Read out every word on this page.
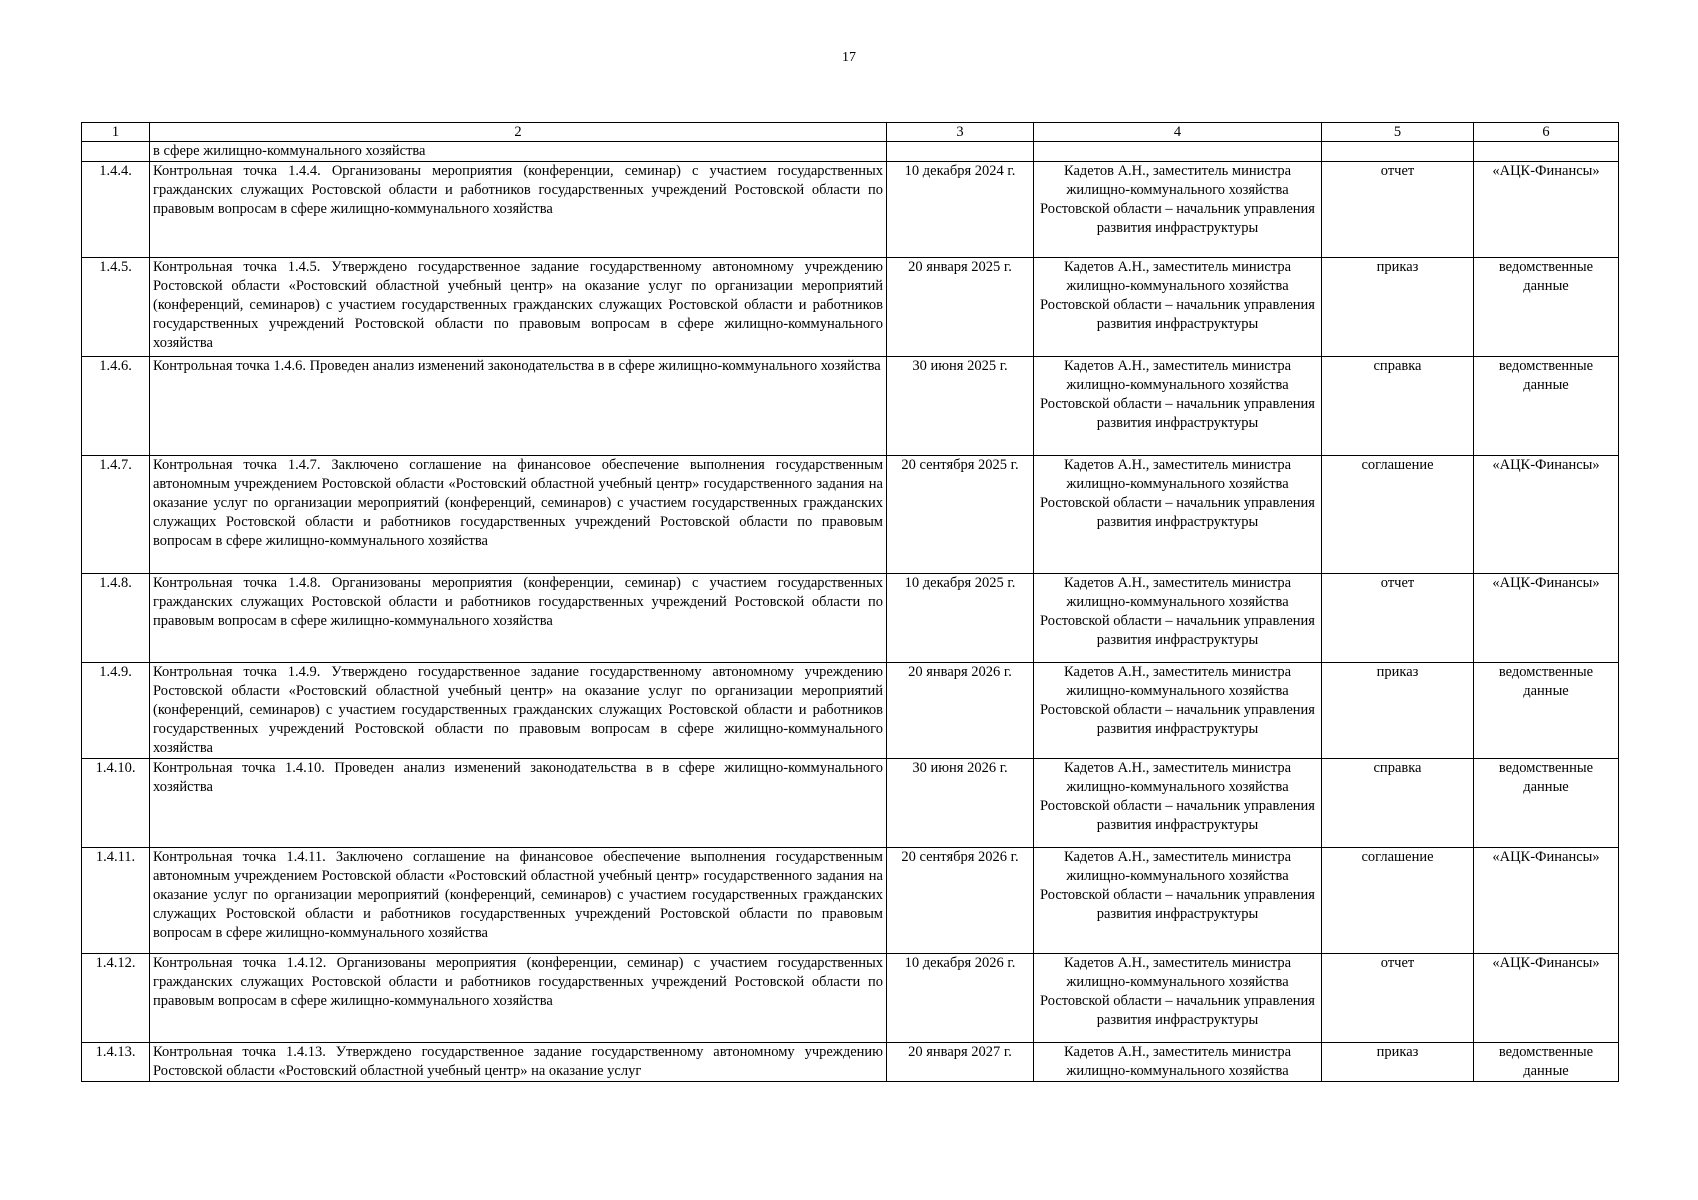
17
1	2	3	4	5	6
	в сфере жилищно-коммунального хозяйства				
1.4.4.	Контрольная точка 1.4.4. Организованы мероприятия (конференции, семинар) с участием государственных гражданских служащих Ростовской области и работников государственных учреждений Ростовской области по правовым вопросам в сфере жилищно-коммунального хозяйства	10 декабря 2024 г.	Кадетов А.Н., заместитель министра жилищно-коммунального хозяйства Ростовской области – начальник управления развития инфраструктуры	отчет	«АЦК-Финансы»
1.4.5.	Контрольная точка 1.4.5. Утверждено государственное задание государственному автономному учреждению Ростовской области «Ростовский областной учебный центр» на оказание услуг по организации мероприятий (конференций, семинаров) с участием государственных гражданских служащих Ростовской области и работников государственных учреждений Ростовской области по правовым вопросам в сфере жилищно-коммунального хозяйства	20 января 2025 г.	Кадетов А.Н., заместитель министра жилищно-коммунального хозяйства Ростовской области – начальник управления развития инфраструктуры	приказ	ведомственные данные
1.4.6.	Контрольная точка 1.4.6. Проведен анализ изменений законодательства в в сфере жилищно-коммунального хозяйства	30 июня 2025 г.	Кадетов А.Н., заместитель министра жилищно-коммунального хозяйства Ростовской области – начальник управления развития инфраструктуры	справка	ведомственные данные
1.4.7.	Контрольная точка 1.4.7. Заключено соглашение на финансовое обеспечение выполнения государственным автономным учреждением Ростовской области «Ростовский областной учебный центр» государственного задания на оказание услуг по организации мероприятий (конференций, семинаров) с участием государственных гражданских служащих Ростовской области и работников государственных учреждений Ростовской области по правовым вопросам в сфере жилищно-коммунального хозяйства	20 сентября 2025 г.	Кадетов А.Н., заместитель министра жилищно-коммунального хозяйства Ростовской области – начальник управления развития инфраструктуры	соглашение	«АЦК-Финансы»
1.4.8.	Контрольная точка 1.4.8. Организованы мероприятия (конференции, семинар) с участием государственных гражданских служащих Ростовской области и работников государственных учреждений Ростовской области по правовым вопросам в сфере жилищно-коммунального хозяйства	10 декабря 2025 г.	Кадетов А.Н., заместитель министра жилищно-коммунального хозяйства Ростовской области – начальник управления развития инфраструктуры	отчет	«АЦК-Финансы»
1.4.9.	Контрольная точка 1.4.9. Утверждено государственное задание государственному автономному учреждению Ростовской области «Ростовский областной учебный центр» на оказание услуг по организации мероприятий (конференций, семинаров) с участием государственных гражданских служащих Ростовской области и работников государственных учреждений Ростовской области по правовым вопросам в сфере жилищно-коммунального хозяйства	20 января 2026 г.	Кадетов А.Н., заместитель министра жилищно-коммунального хозяйства Ростовской области – начальник управления развития инфраструктуры	приказ	ведомственные данные
1.4.10.	Контрольная точка 1.4.10. Проведен анализ изменений законодательства в в сфере жилищно-коммунального хозяйства	30 июня 2026 г.	Кадетов А.Н., заместитель министра жилищно-коммунального хозяйства Ростовской области – начальник управления развития инфраструктуры	справка	ведомственные данные
1.4.11.	Контрольная точка 1.4.11. Заключено соглашение на финансовое обеспечение выполнения государственным автономным учреждением Ростовской области «Ростовский областной учебный центр» государственного задания на оказание услуг по организации мероприятий (конференций, семинаров) с участием государственных гражданских служащих Ростовской области и работников государственных учреждений Ростовской области по правовым вопросам в сфере жилищно-коммунального хозяйства	20 сентября 2026 г.	Кадетов А.Н., заместитель министра жилищно-коммунального хозяйства Ростовской области – начальник управления развития инфраструктуры	соглашение	«АЦК-Финансы»
1.4.12.	Контрольная точка 1.4.12. Организованы мероприятия (конференции, семинар) с участием государственных гражданских служащих Ростовской области и работников государственных учреждений Ростовской области по правовым вопросам в сфере жилищно-коммунального хозяйства	10 декабря 2026 г.	Кадетов А.Н., заместитель министра жилищно-коммунального хозяйства Ростовской области – начальник управления развития инфраструктуры	отчет	«АЦК-Финансы»
1.4.13.	Контрольная точка 1.4.13. Утверждено государственное задание государственному автономному учреждению Ростовской области «Ростовский областной учебный центр» на оказание услуг	20 января 2027 г.	Кадетов А.Н., заместитель министра жилищно-коммунального хозяйства	приказ	ведомственные данные
